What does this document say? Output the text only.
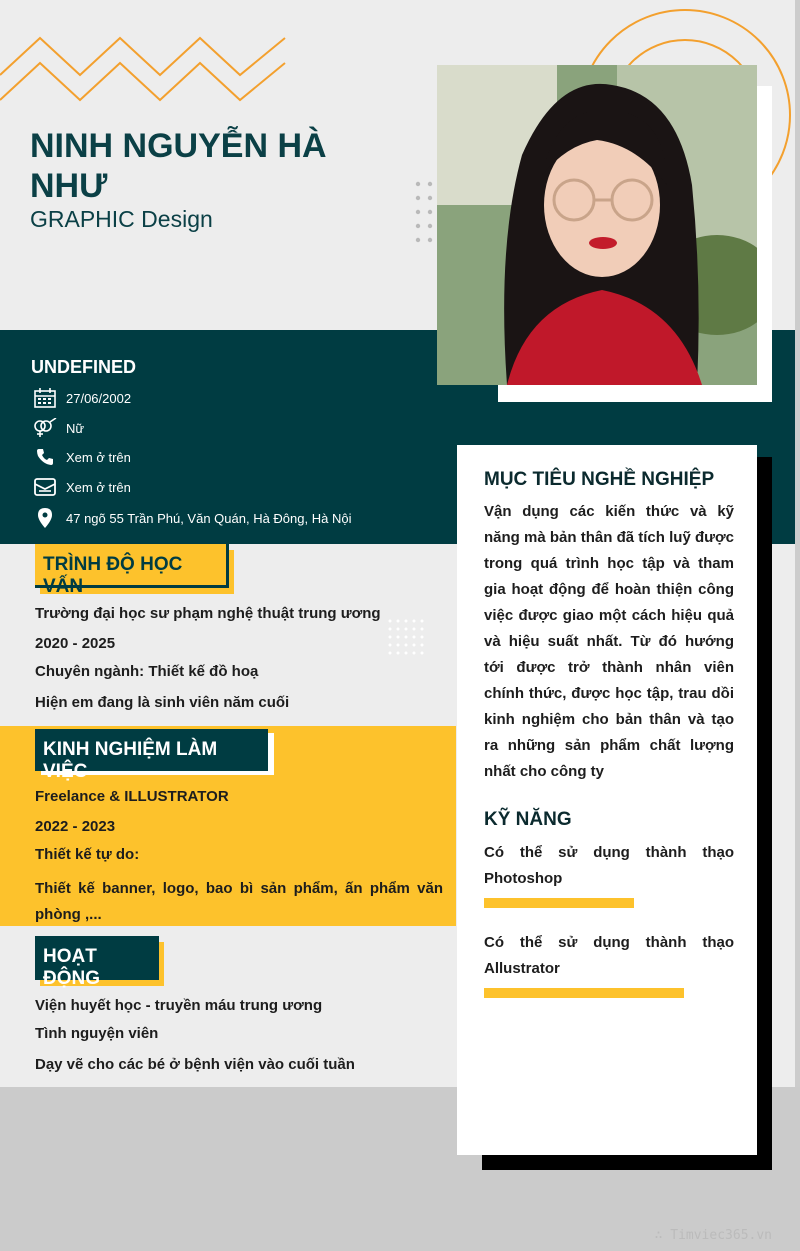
NINH NGUYỄN HÀ NHƯ
GRAPHIC Design
UNDEFINED
27/06/2002
Nữ
Xem ở trên
Xem ở trên
47 ngõ 55 Trần Phú, Văn Quán, Hà Đông, Hà Nội
TRÌNH ĐỘ HỌC VẤN
Trường đại học sư phạm nghệ thuật trung ương
2020 - 2025
Chuyên ngành: Thiết kế đồ hoạ
Hiện em đang là sinh viên năm cuối
KINH NGHIỆM LÀM VIỆC
Freelance & ILLUSTRATOR
2022 - 2023
Thiết kế tự do:
Thiết kế banner, logo, bao bì sản phẩm, ấn phẩm văn phòng ,...
HOẠT ĐỘNG
Viện huyết học - truyền máu trung ương
Tình nguyện viên
Dạy vẽ cho các bé ở bệnh viện vào cuối tuần
MỤC TIÊU NGHỀ NGHIỆP

Vận dụng các kiến thức và kỹ năng mà bản thân đã tích luỹ được trong quá trình học tập và tham gia hoạt động để hoàn thiện công việc được giao một cách hiệu quả và hiệu suất nhất. Từ đó hướng tới được trở thành nhân viên chính thức, được học tập, trau dồi kinh nghiệm cho bản thân và tạo ra những sản phẩm chất lượng nhất cho công ty

KỸ NĂNG

Có thể sử dụng thành thạo Photoshop

Có thể sử dụng thành thạo Allustrator

∴ Timviec365.vn
